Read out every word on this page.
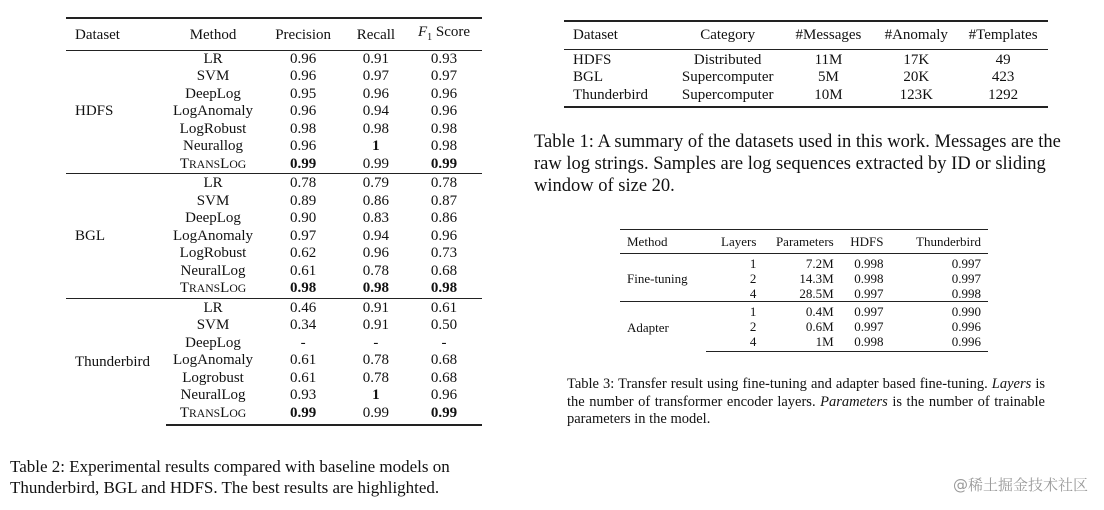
Dataset	Method	Precision	Recall	$F_1$ Score
HDFS	LR	0.96	0.91	0.93
	SVM	0.96	0.97	0.97
	DeepLog	0.95	0.96	0.96
	LogAnomaly	0.96	0.94	0.96
	LogRobust	0.98	0.98	0.98
	Neurallog	0.96	1	0.98
	TRANSLOG	0.99	0.99	0.99
BGL	LR	0.78	0.79	0.78
	SVM	0.89	0.86	0.87
	DeepLog	0.90	0.83	0.86
	LogAnomaly	0.97	0.94	0.96
	LogRobust	0.62	0.96	0.73
	NeuralLog	0.61	0.78	0.68
	TRANSLOG	0.98	0.98	0.98
Thunderbird	LR	0.46	0.91	0.61
	SVM	0.34	0.91	0.50
	DeepLog	-	-	-
	LogAnomaly	0.61	0.78	0.68
	Logrobust	0.61	0.78	0.68
	NeuralLog	0.93	1	0.96
	TRANSLOG	0.99	0.99	0.99
Table 2: Experimental results compared with baseline models on Thunderbird, BGL and HDFS. The best results are highlighted.
Dataset	Category	#Messages	#Anomaly	#Templates
HDFS	Distributed	11M	17K	49
BGL	Supercomputer	5M	20K	423
Thunderbird	Supercomputer	10M	123K	1292
Table 1: A summary of the datasets used in this work. Messages are the raw log strings. Samples are log sequences extracted by ID or sliding window of size 20.
Method	Layers	Parameters	HDFS	Thunderbird
Fine-tuning	1	7.2M	0.998	0.997
	2	14.3M	0.998	0.997
	4	28.5M	0.997	0.998
Adapter	1	0.4M	0.997	0.990
	2	0.6M	0.997	0.996
	4	1M	0.998	0.996
Table 3: Transfer result using fine-tuning and adapter based fine-tuning. Layers is the number of transformer encoder layers. Parameters is the number of trainable parameters in the model.
@稀土掘金技术社区
